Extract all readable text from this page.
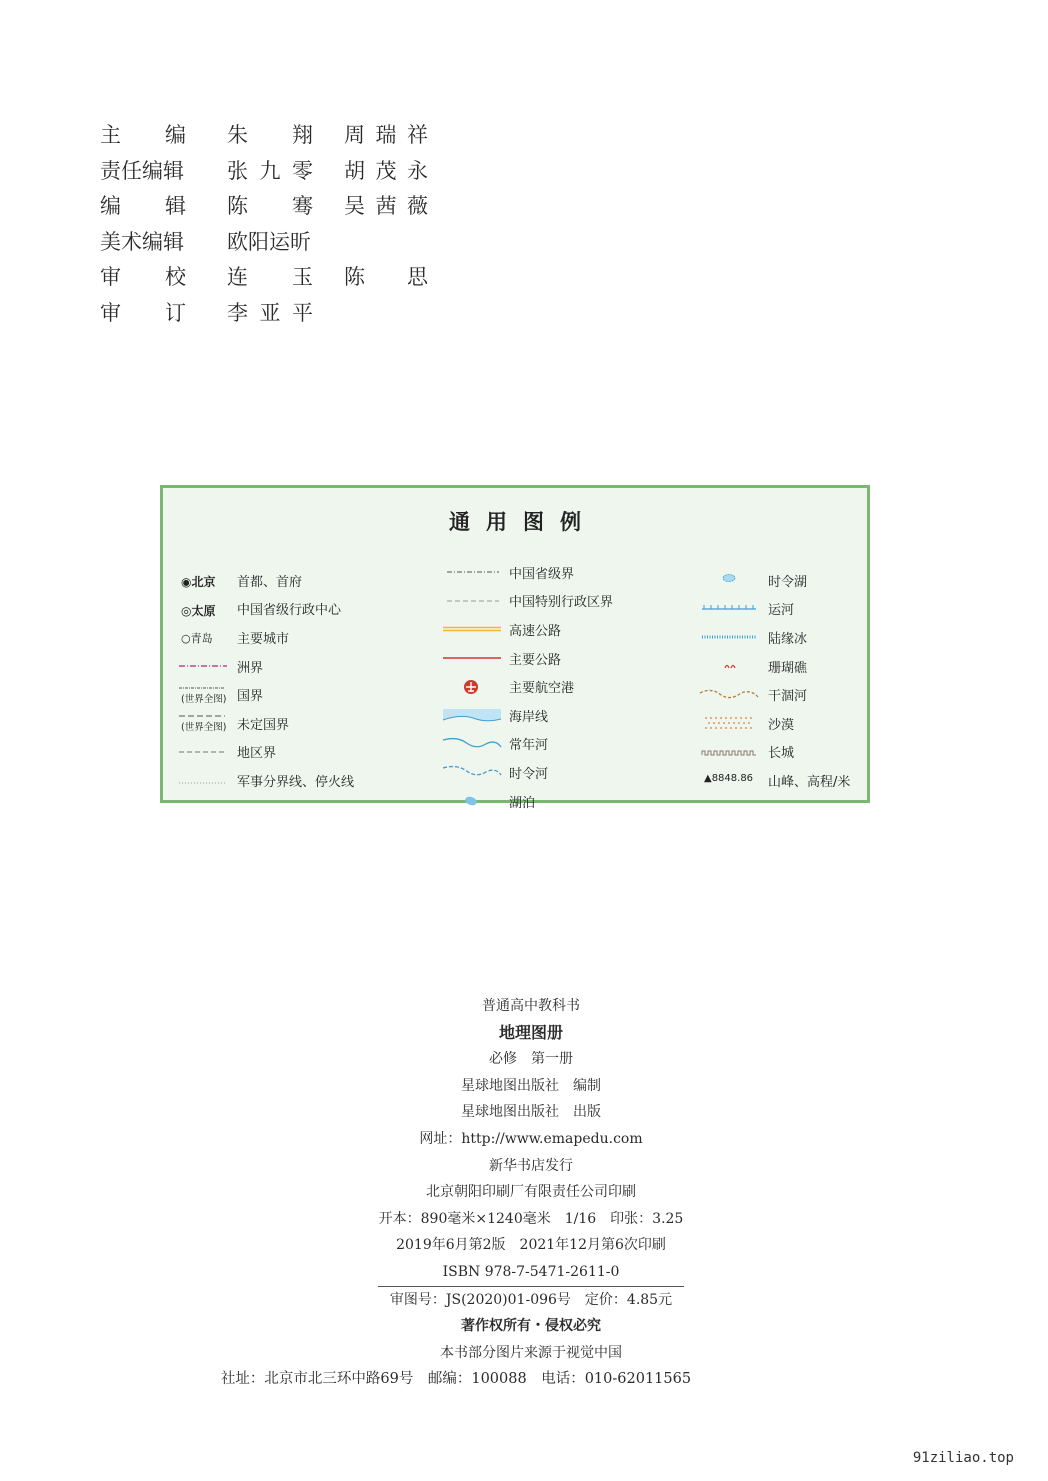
主 编 朱 翔 周 瑞 祥
责任编辑 张 九 零 胡 茂 永
编 辑 陈 骞 吴 茜 薇
美术编辑 欧阳运昕
审 校 连 玉 陈 思
审 订 李 亚 平
通用图例
◉北京 首都、首府
◎太原 中国省级行政中心
○青岛 主要城市
洲界
(世界全图) 国界
(世界全图) 未定国界
地区界
军事分界线、停火线
中国省级界
中国特别行政区界
高速公路
主要公路
主要航空港
海岸线
常年河
时令河
湖泊
时令湖
运河
陆缘冰
珊瑚礁
干涸河
沙漠
长城
▲8848.86 山峰、高程/米
普通高中教科书
地理图册
必修　第一册
星球地图出版社　编制
星球地图出版社　出版
网址：http://www.emapedu.com
新华书店发行
北京朝阳印刷厂有限责任公司印刷
开本：890毫米×1240毫米　1/16　印张：3.25
2019年6月第2版　2021年12月第6次印刷
ISBN 978-7-5471-2611-0
审图号：JS(2020)01-096号　定价：4.85元
著作权所有・侵权必究
本书部分图片来源于视觉中国
社址：北京市北三环中路69号　邮编：100088　电话：010-62011565
91ziliao.top
